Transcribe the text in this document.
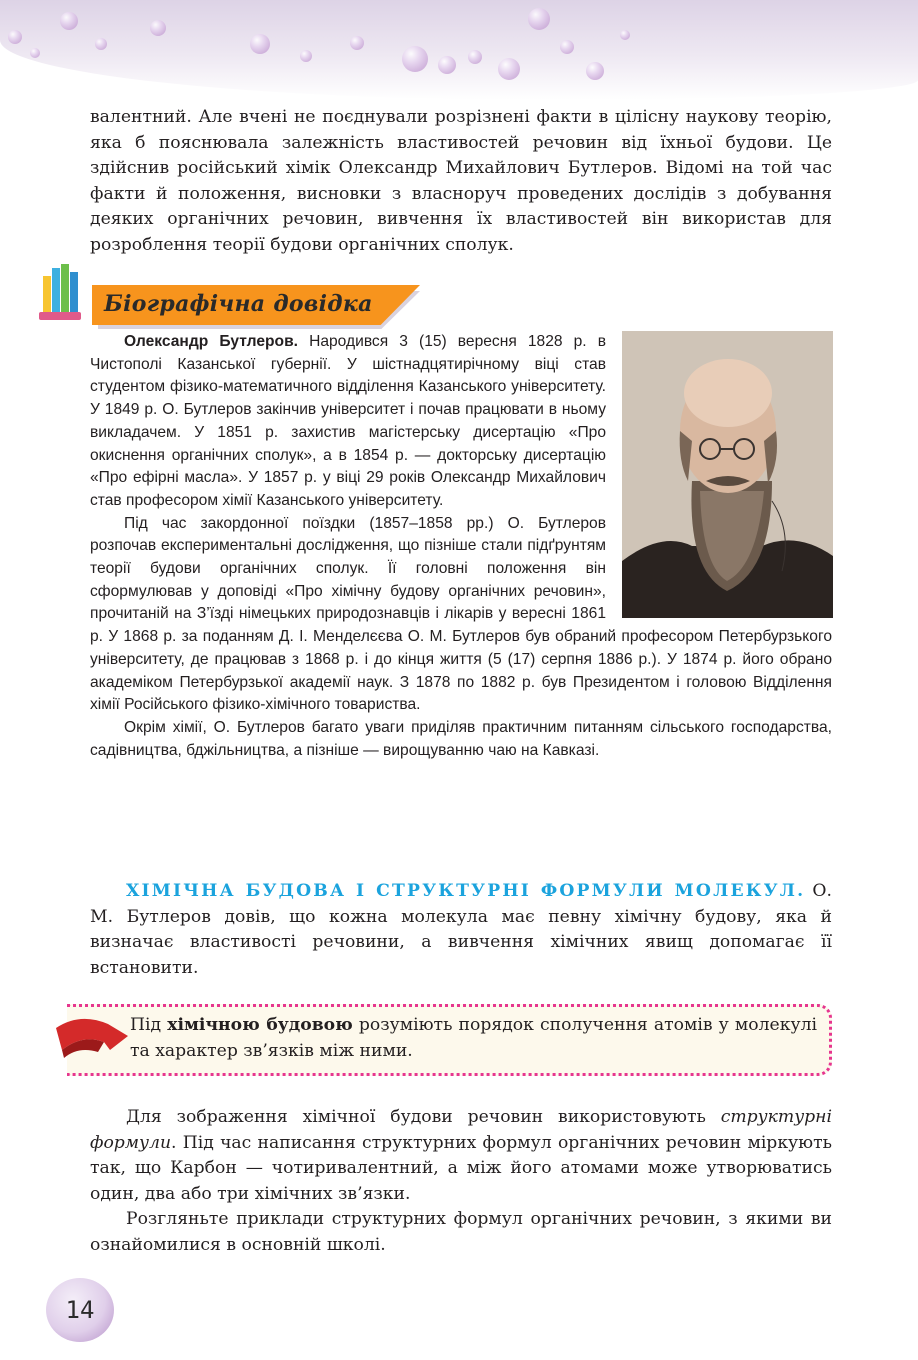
валентний. Але вчені не поєднували розрізнені факти в цілісну наукову теорію, яка б пояснювала залежність властивостей речовин від їхньої будови. Це здійснив російський хімік Олександр Михайлович Бутлеров. Відомі на той час факти й положення, висновки з власноруч проведених дослідів з добування деяких органічних речовин, вивчення їх властивостей він використав для розроблення теорії будови органічних сполук.

Біографічна довідка

Олександр Бутлеров. Народився 3 (15) вересня 1828 р. в Чистополі Казанської губернії. У шістнадцятирічному віці став студентом фізико-математичного відділення Казанського університету. У 1849 р. О. Бутлеров закінчив університет і почав працювати в ньому викладачем. У 1851 р. захистив магістерську дисертацію «Про окиснення органічних сполук», а в 1854 р. — докторську дисертацію «Про ефірні масла». У 1857 р. у віці 29 років Олександр Михайлович став професором хімії Казанського університету.

Під час закордонної поїздки (1857–1858 рр.) О. Бутлеров розпочав експериментальні дослідження, що пізніше стали підґрунтям теорії будови органічних сполук. Її головні положення він сформулював у доповіді «Про хімічну будову органічних речовин», прочитаній на З’їзді німецьких природознавців і лікарів у вересні 1861 р. У 1868 р. за поданням Д. І. Менделєєва О. М. Бутлеров був обраний професором Петербурзького університету, де працював з 1868 р. і до кінця життя (5 (17) серпня 1886 р.). У 1874 р. його обрано академіком Петербурзької академії наук. З 1878 по 1882 р. був Президентом і головою Відділення хімії Російського фізико-хімічного товариства.

Окрім хімії, О. Бутлеров багато уваги приділяв практичним питанням сільського господарства, садівництва, бджільництва, а пізніше — вирощуванню чаю на Кавказі.

ХІМІЧНА БУДОВА І СТРУКТУРНІ ФОРМУЛИ МОЛЕКУЛ. О. М. Бутлеров довів, що кожна молекула має певну хімічну будову, яка й визначає властивості речовини, а вивчення хімічних явищ допомагає її встановити.

Під хімічною будовою розуміють порядок сполучення атомів у молекулі та характер зв’язків між ними.

Для зображення хімічної будови речовин використовують структурні формули. Під час написання структурних формул органічних речовин міркують так, що Карбон — чотиривалентний, а між його атомами може утворюватись один, два або три хімічних зв’язки.

Розгляньте приклади структурних формул органічних речовин, з якими ви ознайомилися в основній школі.

14
